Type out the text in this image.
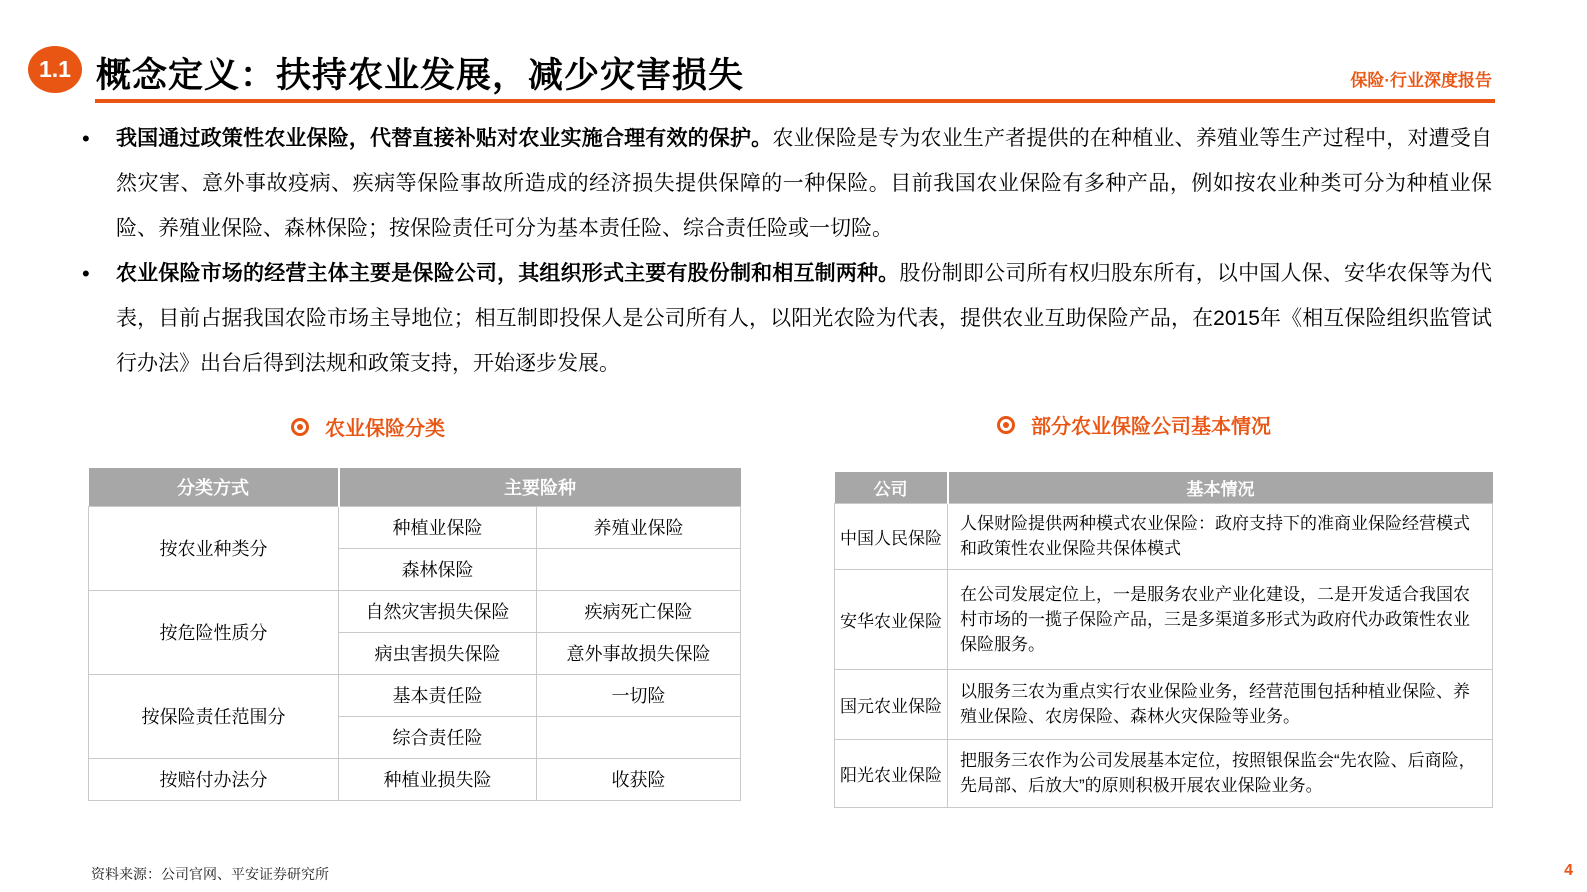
1.1 概念定义：扶持农业发展，减少灾害损失	保险·行业深度报告
• 我国通过政策性农业保险，代替直接补贴对农业实施合理有效的保护。农业保险是专为农业生产者提供的在种植业、养殖业等生产过程中，对遭受自然灾害、意外事故疫病、疾病等保险事故所造成的经济损失提供保障的一种保险。目前我国农业保险有多种产品，例如按农业种类可分为种植业保险、养殖业保险、森林保险；按保险责任可分为基本责任险、综合责任险或一切险。
• 农业保险市场的经营主体主要是保险公司，其组织形式主要有股份制和相互制两种。股份制即公司所有权归股东所有，以中国人保、安华农保等为代表，目前占据我国农险市场主导地位；相互制即投保人是公司所有人，以阳光农险为代表，提供农业互助保险产品，在2015年《相互保险组织监管试行办法》出台后得到法规和政策支持，开始逐步发展。
农业保险分类	部分农业保险公司基本情况
分类方式	主要险种	
按农业种类分	种植业保险	养殖业保险
	森林保险	
按危险性质分	自然灾害损失保险	疾病死亡保险
	病虫害损失保险	意外事故损失保险
按保险责任范围分	基本责任险	一切险
	综合责任险	
按赔付办法分	种植业损失险	收获险
公司	基本情况
中国人民保险	人保财险提供两种模式农业保险：政府支持下的准商业保险经营模式和政策性农业保险共保体模式
安华农业保险	在公司发展定位上，一是服务农业产业化建设，二是开发适合我国农村市场的一揽子保险产品，三是多渠道多形式为政府代办政策性农业保险服务。
国元农业保险	以服务三农为重点实行农业保险业务，经营范围包括种植业保险、养殖业保险、农房保险、森林火灾保险等业务。
阳光农业保险	把服务三农作为公司发展基本定位，按照银保监会“先农险、后商险，先局部、后放大”的原则积极开展农业保险业务。
资料来源：公司官网、平安证券研究所	4
